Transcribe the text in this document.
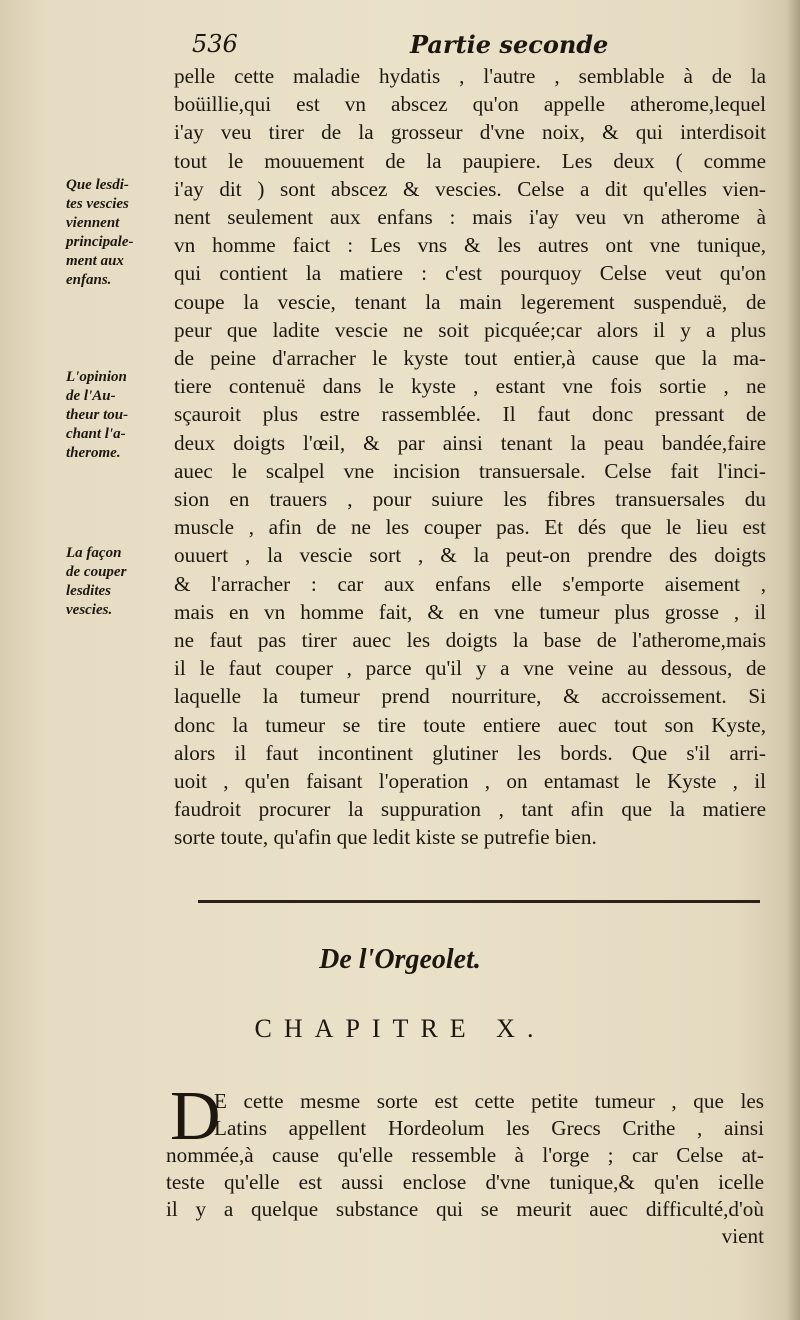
536	Partie seconde
pelle cette maladie hydatis , l'autre , semblable à de la
boüillie,qui est vn abscez qu'on appelle atherome,lequel
i'ay veu tirer de la grosseur d'vne noix, & qui interdisoit
tout le mouuement de la paupiere. Les deux ( comme
i'ay dit ) sont abscez & vescies. Celse a dit qu'elles vien-
nent seulement aux enfans : mais i'ay veu vn atherome à
vn homme faict : Les vns & les autres ont vne tunique,
qui contient la matiere : c'est pourquoy Celse veut qu'on
coupe la vescie, tenant la main legerement suspenduë, de
peur que ladite vescie ne soit picquée;car alors il y a plus
de peine d'arracher le kyste tout entier,à cause que la ma-
tiere contenuë dans le kyste , estant vne fois sortie , ne
sçauroit plus estre rassemblée. Il faut donc pressant de
deux doigts l'œil, & par ainsi tenant la peau bandée,faire
auec le scalpel vne incision transuersale. Celse fait l'inci-
sion en trauers , pour suiure les fibres transuersales du
muscle , afin de ne les couper pas. Et dés que le lieu est
ouuert , la vescie sort , & la peut-on prendre des doigts
& l'arracher : car aux enfans elle s'emporte aisement ,
mais en vn homme fait, & en vne tumeur plus grosse , il
ne faut pas tirer auec les doigts la base de l'atherome,mais
il le faut couper , parce qu'il y a vne veine au dessous, de
laquelle la tumeur prend nourriture, & accroissement. Si
donc la tumeur se tire toute entiere auec tout son Kyste,
alors il faut incontinent glutiner les bords. Que s'il arri-
uoit , qu'en faisant l'operation , on entamast le Kyste , il
faudroit procurer la suppuration , tant afin que la matiere
sorte toute, qu'afin que ledit kiste se putrefie bien.
Que lesdi-
tes vescies
viennent
principale-
ment aux
enfans.
L'opinion
de l'Au-
theur tou-
chant l'a-
therome.
La façon
de couper
lesdites
vescies.
De l'Orgeolet.
CHAPITRE X.
D
E cette mesme sorte est cette petite tumeur , que les
Latins appellent Hordeolum les Grecs Crithe , ainsi
nommée,à cause qu'elle ressemble à l'orge ; car Celse at-
teste qu'elle est aussi enclose d'vne tunique,& qu'en icelle
il y a quelque substance qui se meurit auec difficulté,d'où
vient
